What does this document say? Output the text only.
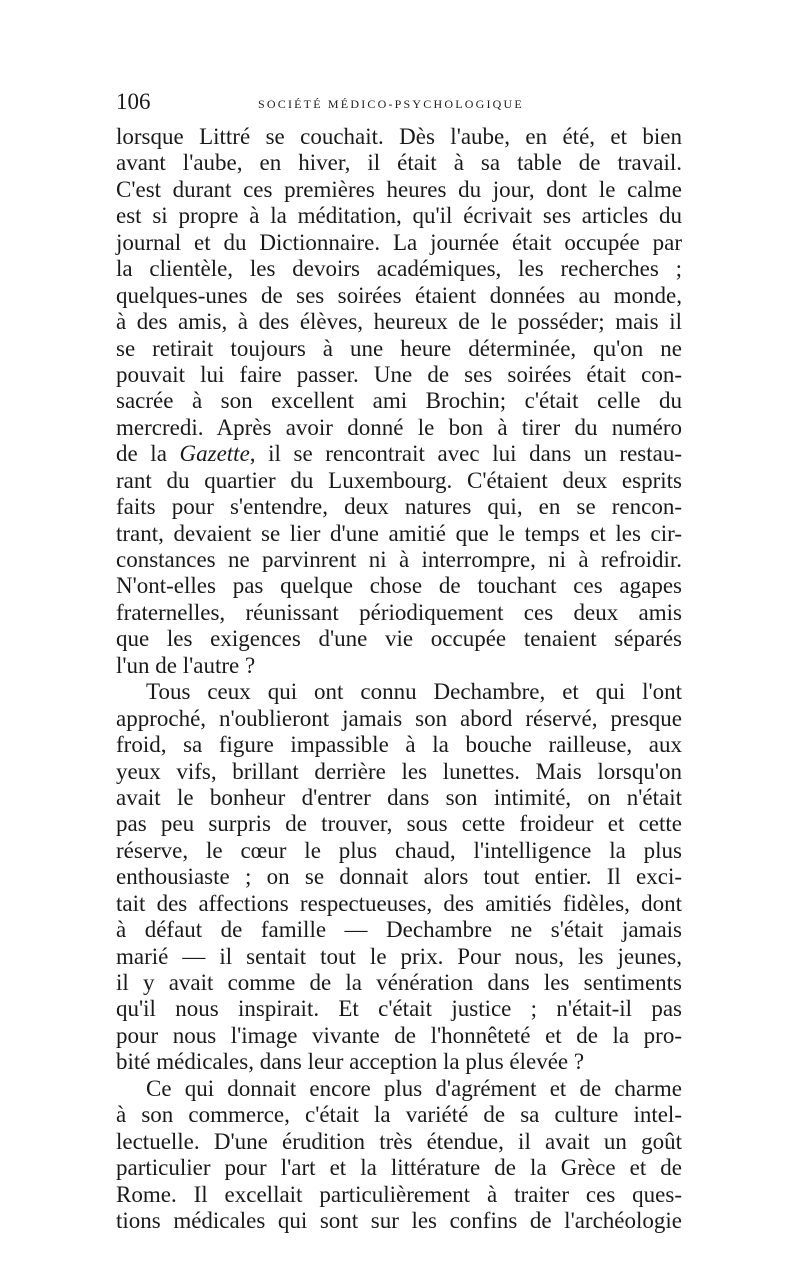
106	SOCIÉTÉ MÉDICO-PSYCHOLOGIQUE
lorsque Littré se couchait. Dès l'aube, en été, et bien
avant l'aube, en hiver, il était à sa table de travail.
C'est durant ces premières heures du jour, dont le calme
est si propre à la méditation, qu'il écrivait ses articles du
journal et du Dictionnaire. La journée était occupée par
la clientèle, les devoirs académiques, les recherches ;
quelques-unes de ses soirées étaient données au monde,
à des amis, à des élèves, heureux de le posséder; mais il
se retirait toujours à une heure déterminée, qu'on ne
pouvait lui faire passer. Une de ses soirées était con-
sacrée à son excellent ami Brochin; c'était celle du
mercredi. Après avoir donné le bon à tirer du numéro
de la Gazette, il se rencontrait avec lui dans un restau-
rant du quartier du Luxembourg. C'étaient deux esprits
faits pour s'entendre, deux natures qui, en se rencon-
trant, devaient se lier d'une amitié que le temps et les cir-
constances ne parvinrent ni à interrompre, ni à refroidir.
N'ont-elles pas quelque chose de touchant ces agapes
fraternelles, réunissant périodiquement ces deux amis
que les exigences d'une vie occupée tenaient séparés
l'un de l'autre ?
Tous ceux qui ont connu Dechambre, et qui l'ont
approché, n'oublieront jamais son abord réservé, presque
froid, sa figure impassible à la bouche railleuse, aux
yeux vifs, brillant derrière les lunettes. Mais lorsqu'on
avait le bonheur d'entrer dans son intimité, on n'était
pas peu surpris de trouver, sous cette froideur et cette
réserve, le cœur le plus chaud, l'intelligence la plus
enthousiaste ; on se donnait alors tout entier. Il exci-
tait des affections respectueuses, des amitiés fidèles, dont
à défaut de famille — Dechambre ne s'était jamais
marié — il sentait tout le prix. Pour nous, les jeunes,
il y avait comme de la vénération dans les sentiments
qu'il nous inspirait. Et c'était justice ; n'était-il pas
pour nous l'image vivante de l'honnêteté et de la pro-
bité médicales, dans leur acception la plus élevée ?
Ce qui donnait encore plus d'agrément et de charme
à son commerce, c'était la variété de sa culture intel-
lectuelle. D'une érudition très étendue, il avait un goût
particulier pour l'art et la littérature de la Grèce et de
Rome. Il excellait particulièrement à traiter ces ques-
tions médicales qui sont sur les confins de l'archéologie
